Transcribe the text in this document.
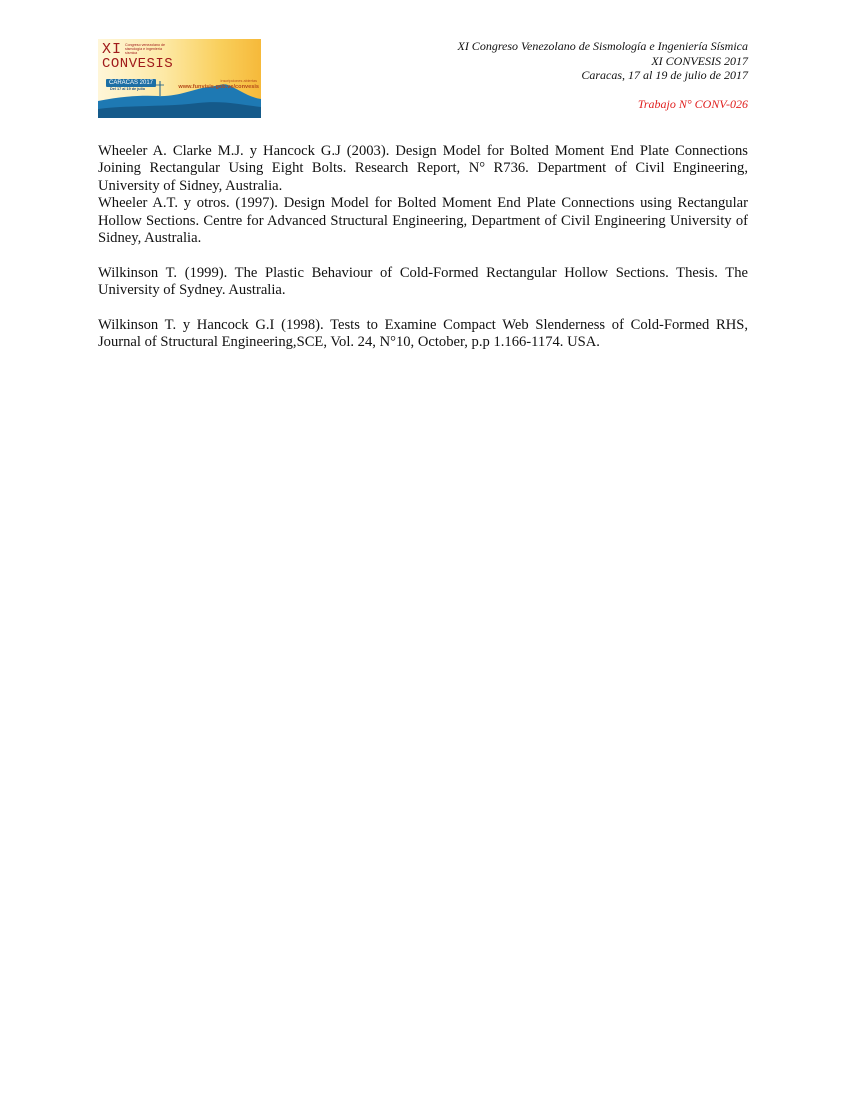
XI Congreso venezolano de sismología e ingeniería sísmica
CONVESIS
CARACAS 2017
Del 17 al 19 de julio
inscripciones abiertas
www.funvisis.gob.ve/convesis
XI Congreso Venezolano de Sismología e Ingeniería Sísmica
XI CONVESIS 2017
Caracas, 17 al 19 de julio de 2017
Trabajo N° CONV-026

Wheeler A. Clarke M.J. y Hancock G.J (2003). Design Model for Bolted Moment End Plate Connections Joining Rectangular Using Eight Bolts. Research Report, N° R736. Department of Civil Engineering, University of Sidney, Australia.

Wheeler A.T. y otros. (1997). Design Model for Bolted Moment End Plate Connections using Rectangular Hollow Sections. Centre for Advanced Structural Engineering, Department of Civil Engineering University of Sidney, Australia.

Wilkinson T. (1999). The Plastic Behaviour of Cold-Formed Rectangular Hollow Sections. Thesis. The University of Sydney. Australia.

Wilkinson T. y Hancock G.I (1998). Tests to Examine Compact Web Slenderness of Cold-Formed RHS, Journal of Structural Engineering,SCE, Vol. 24, N°10, October, p.p 1.166-1174. USA.
